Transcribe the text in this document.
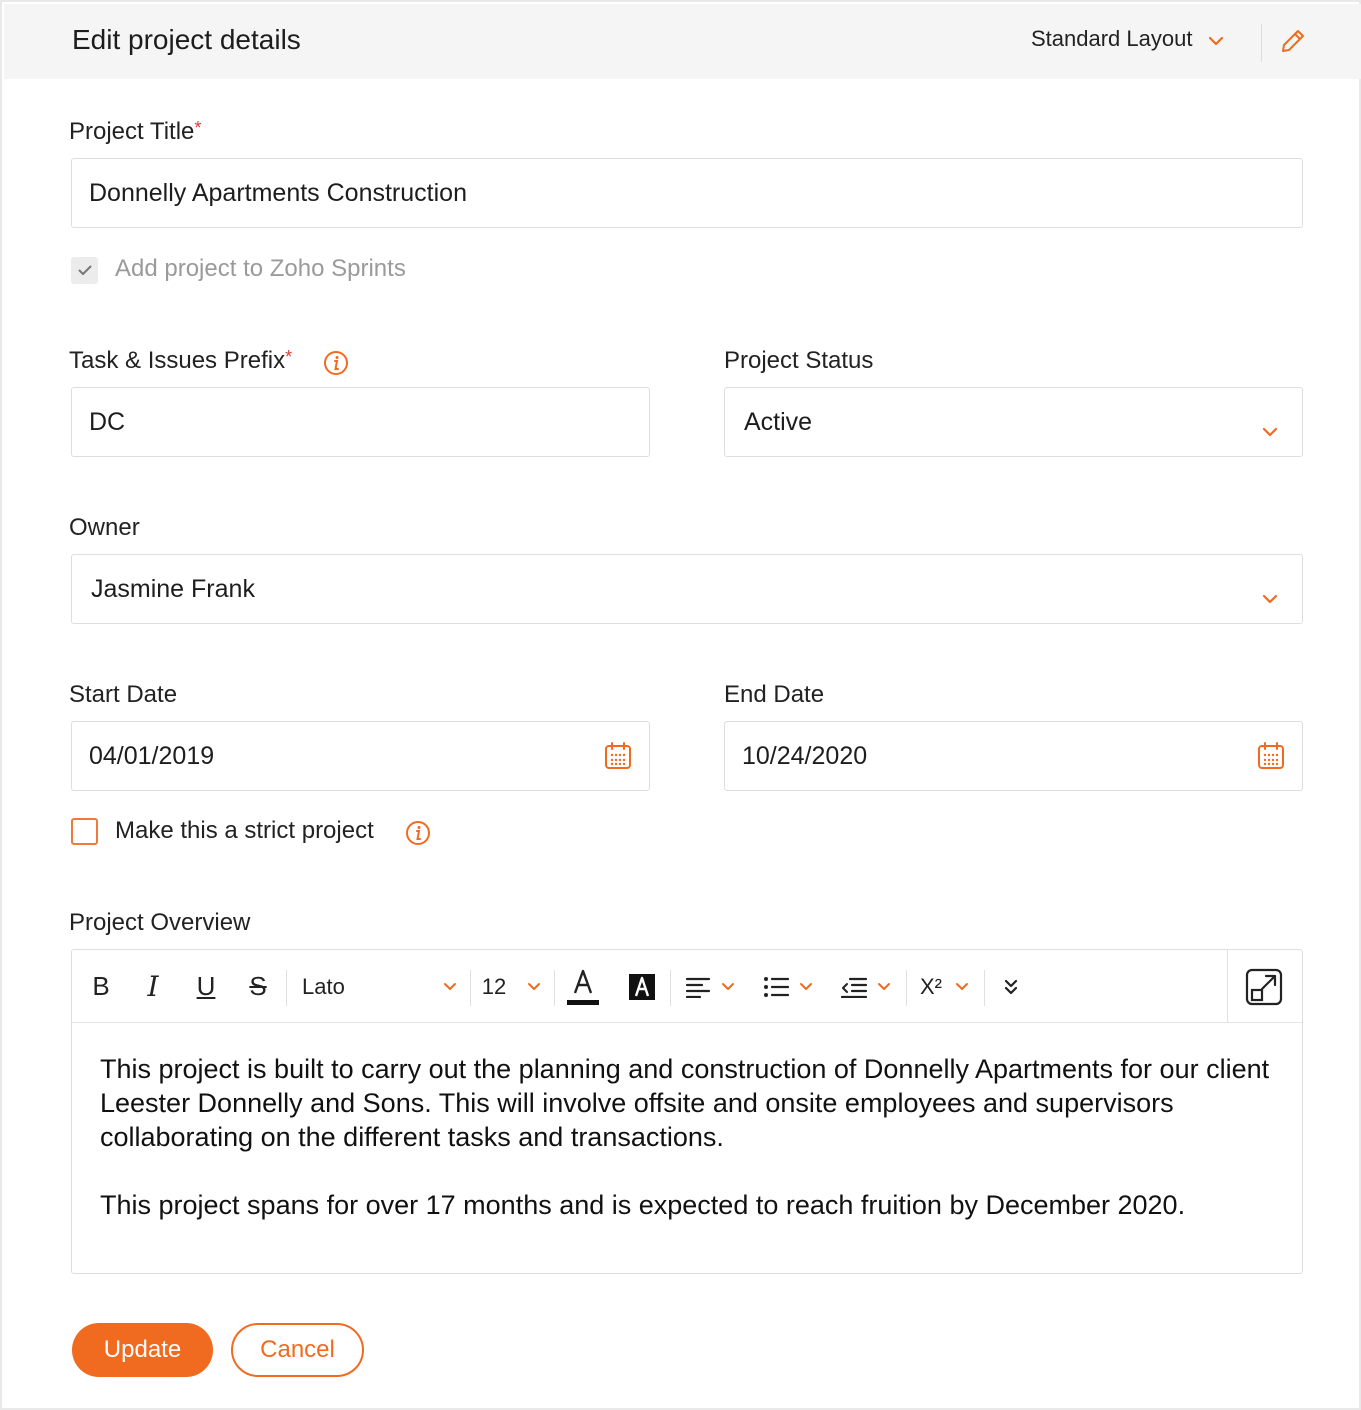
Edit project details	Standard Layout
Project Title*
Donnelly Apartments Construction
Add project to Zoho Sprints
Task & Issues Prefix*
DC
Project Status
Active
Owner
Jasmine Frank
Start Date
04/01/2019
End Date
10/24/2020
Make this a strict project
Project Overview
B	I	U S Lato	12	X²

This project is built to carry out the planning and construction of Donnelly Apartments for our client Leester Donnelly and Sons. This will involve offsite and onsite employees and supervisors collaborating on the different tasks and transactions.

This project spans for over 17 months and is expected to reach fruition by December 2020.

Update	Cancel
